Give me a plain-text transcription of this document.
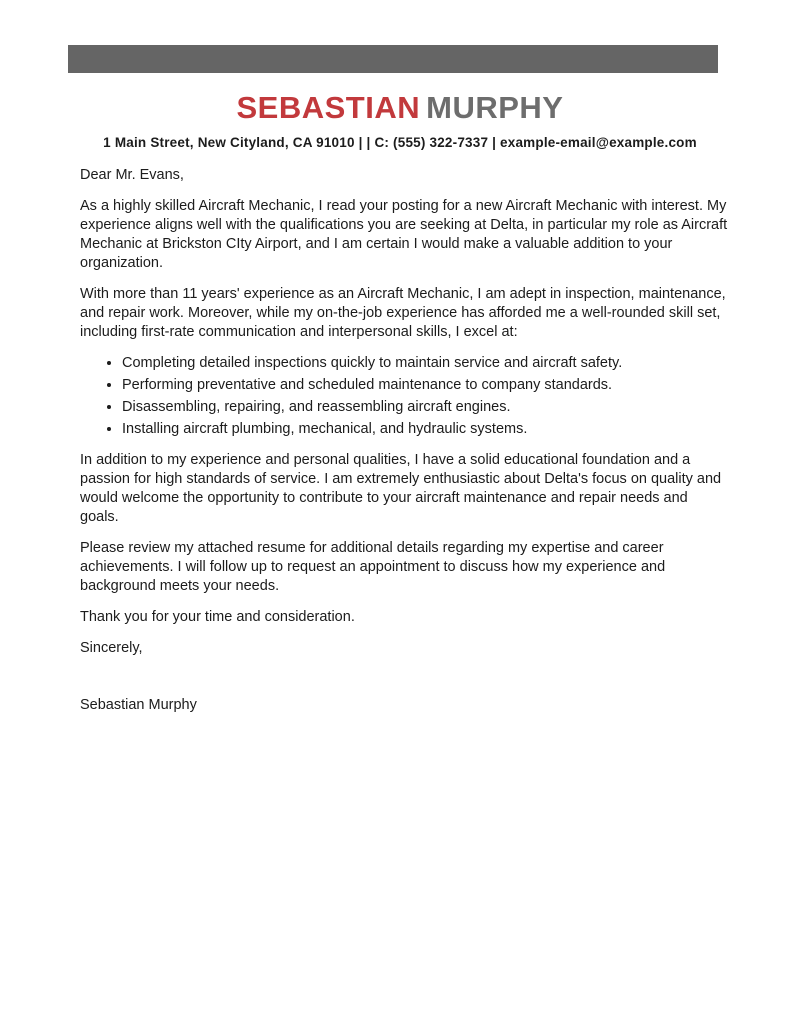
SEBASTIAN MURPHY
1 Main Street, New Cityland, CA 91010 | | C: (555) 322-7337 | example-email@example.com

Dear Mr. Evans,

As a highly skilled Aircraft Mechanic, I read your posting for a new Aircraft Mechanic with interest. My experience aligns well with the qualifications you are seeking at Delta, in particular my role as Aircraft Mechanic at Brickston CIty Airport, and I am certain I would make a valuable addition to your organization.

With more than 11 years' experience as an Aircraft Mechanic, I am adept in inspection, maintenance, and repair work. Moreover, while my on-the-job experience has afforded me a well-rounded skill set, including first-rate communication and interpersonal skills, I excel at:

• Completing detailed inspections quickly to maintain service and aircraft safety.
• Performing preventative and scheduled maintenance to company standards.
• Disassembling, repairing, and reassembling aircraft engines.
• Installing aircraft plumbing, mechanical, and hydraulic systems.

In addition to my experience and personal qualities, I have a solid educational foundation and a passion for high standards of service. I am extremely enthusiastic about Delta's focus on quality and would welcome the opportunity to contribute to your aircraft maintenance and repair needs and goals.

Please review my attached resume for additional details regarding my expertise and career achievements. I will follow up to request an appointment to discuss how my experience and background meets your needs.

Thank you for your time and consideration.

Sincerely,

Sebastian Murphy
